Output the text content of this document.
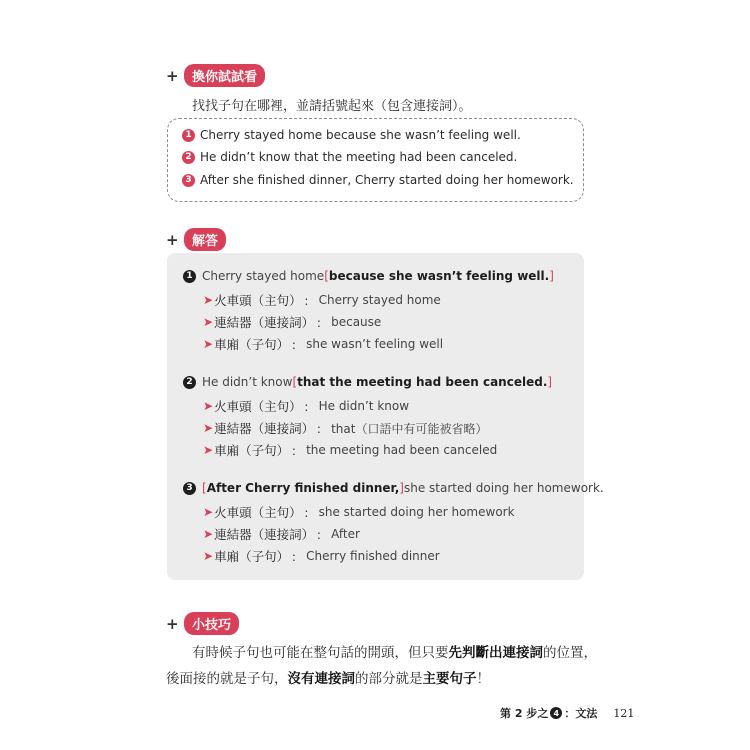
+	換你試試看
找找子句在哪裡，並請括號起來（包含連接詞）。
1 Cherry stayed home because she wasn’t feeling well.
2 He didn’t know that the meeting had been canceled.
3 After she finished dinner, Cherry started doing her homework.
+	解答
1 Cherry stayed home [ because she wasn’t feeling well. ]
➤ 火車頭（主句） ： Cherry stayed home
➤ 連結器（連接詞） ： because
➤ 車廂（子句） ： she wasn’t feeling well
2 He didn’t know [ that the meeting had been canceled. ]
➤ 火車頭（主句） ： He didn’t know
➤ 連結器（連接詞） ： that（口語中有可能被省略）
➤ 車廂（子句） ： the meeting had been canceled
3 [ After Cherry finished dinner, ] she started doing her homework.
➤ 火車頭（主句） ： she started doing her homework
➤ 連結器（連接詞） ： After
➤ 車廂（子句） ： Cherry finished dinner
+	小技巧
有時候子句也可能在整句話的開頭，但只要先判斷出連接詞的位置，
後面接的就是子句，沒有連接詞的部分就是主要句子！
第 2 步之 4 ：文法 121
